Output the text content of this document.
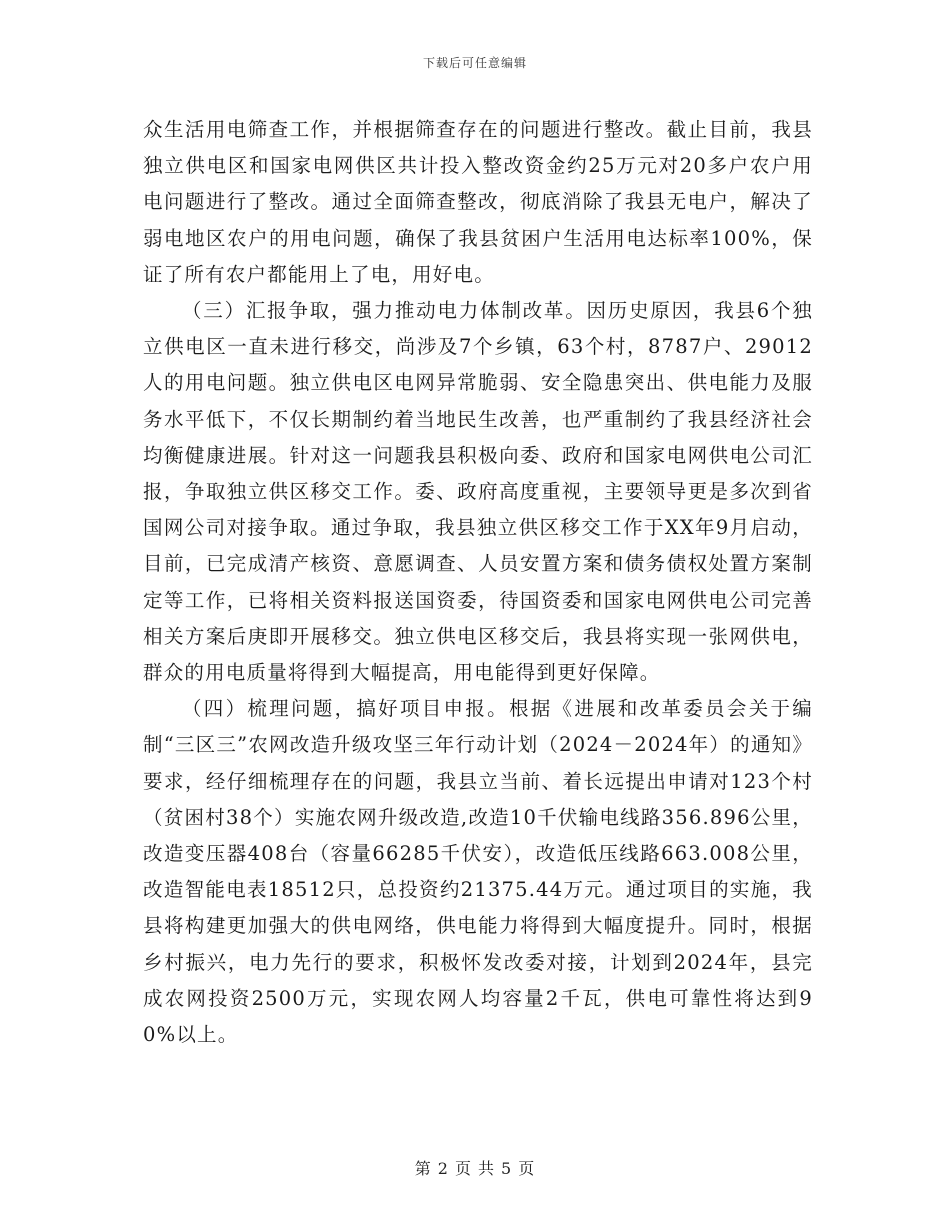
下载后可任意编辑

众生活用电筛查工作，并根据筛查存在的问题进行整改。截止目前，我县独立供电区和国家电网供区共计投入整改资金约25万元对20多户农户用电问题进行了整改。通过全面筛查整改，彻底消除了我县无电户，解决了弱电地区农户的用电问题，确保了我县贫困户生活用电达标率100%，保证了所有农户都能用上了电，用好电。

（三）汇报争取，强力推动电力体制改革。因历史原因，我县6个独立供电区一直未进行移交，尚涉及7个乡镇，63个村，8787户、29012人的用电问题。独立供电区电网异常脆弱、安全隐患突出、供电能力及服务水平低下，不仅长期制约着当地民生改善，也严重制约了我县经济社会均衡健康进展。针对这一问题我县积极向委、政府和国家电网供电公司汇报，争取独立供区移交工作。委、政府高度重视，主要领导更是多次到省国网公司对接争取。通过争取，我县独立供区移交工作于XX年9月启动，目前，已完成清产核资、意愿调查、人员安置方案和债务债权处置方案制定等工作，已将相关资料报送国资委，待国资委和国家电网供电公司完善相关方案后庚即开展移交。独立供电区移交后，我县将实现一张网供电，群众的用电质量将得到大幅提高，用电能得到更好保障。

（四）梳理问题，搞好项目申报。根据《进展和改革委员会关于编制“三区三”农网改造升级攻坚三年行动计划（2024－2024年）的通知》要求，经仔细梳理存在的问题，我县立当前、着长远提出申请对123个村（贫困村38个）实施农网升级改造,改造10千伏输电线路356.896公里，改造变压器408台（容量66285千伏安），改造低压线路663.008公里，改造智能电表18512只，总投资约21375.44万元。通过项目的实施，我县将构建更加强大的供电网络，供电能力将得到大幅度提升。同时，根据乡村振兴，电力先行的要求，积极怀发改委对接，计划到2024年，县完成农网投资2500万元，实现农网人均容量2千瓦，供电可靠性将达到90%以上。

第 2 页 共 5 页
